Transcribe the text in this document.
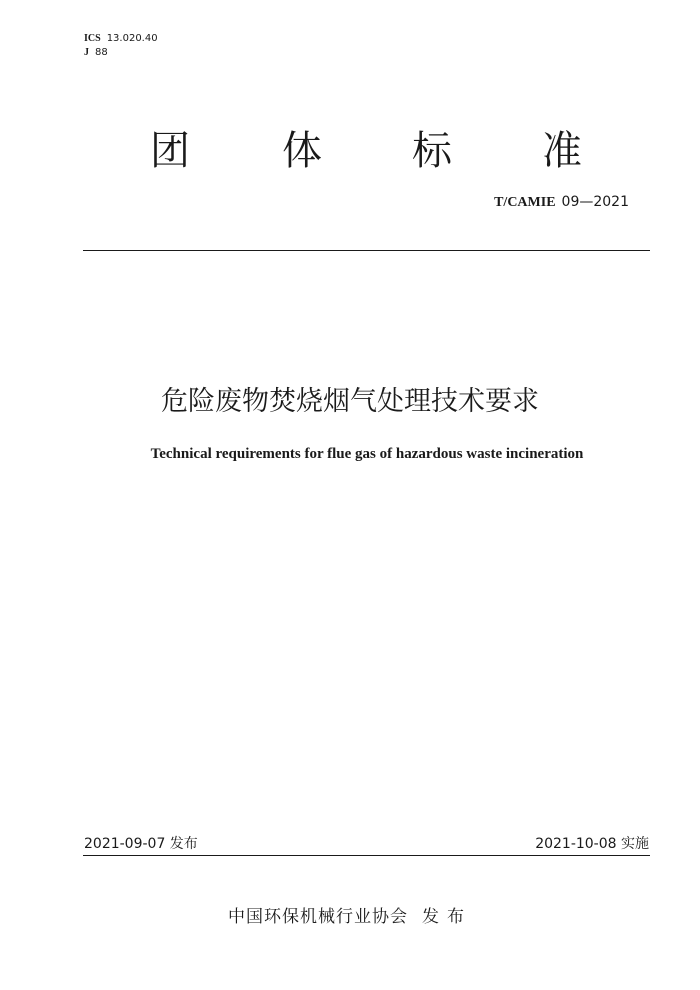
ICS 13.020.40
J 88
团 体 标 准
T/CAMIE 09—2021
危险废物焚烧烟气处理技术要求
Technical requirements for flue gas of hazardous waste incineration
2021-09-07 发布	2021-10-08 实施
中国环保机械行业协会 发布
